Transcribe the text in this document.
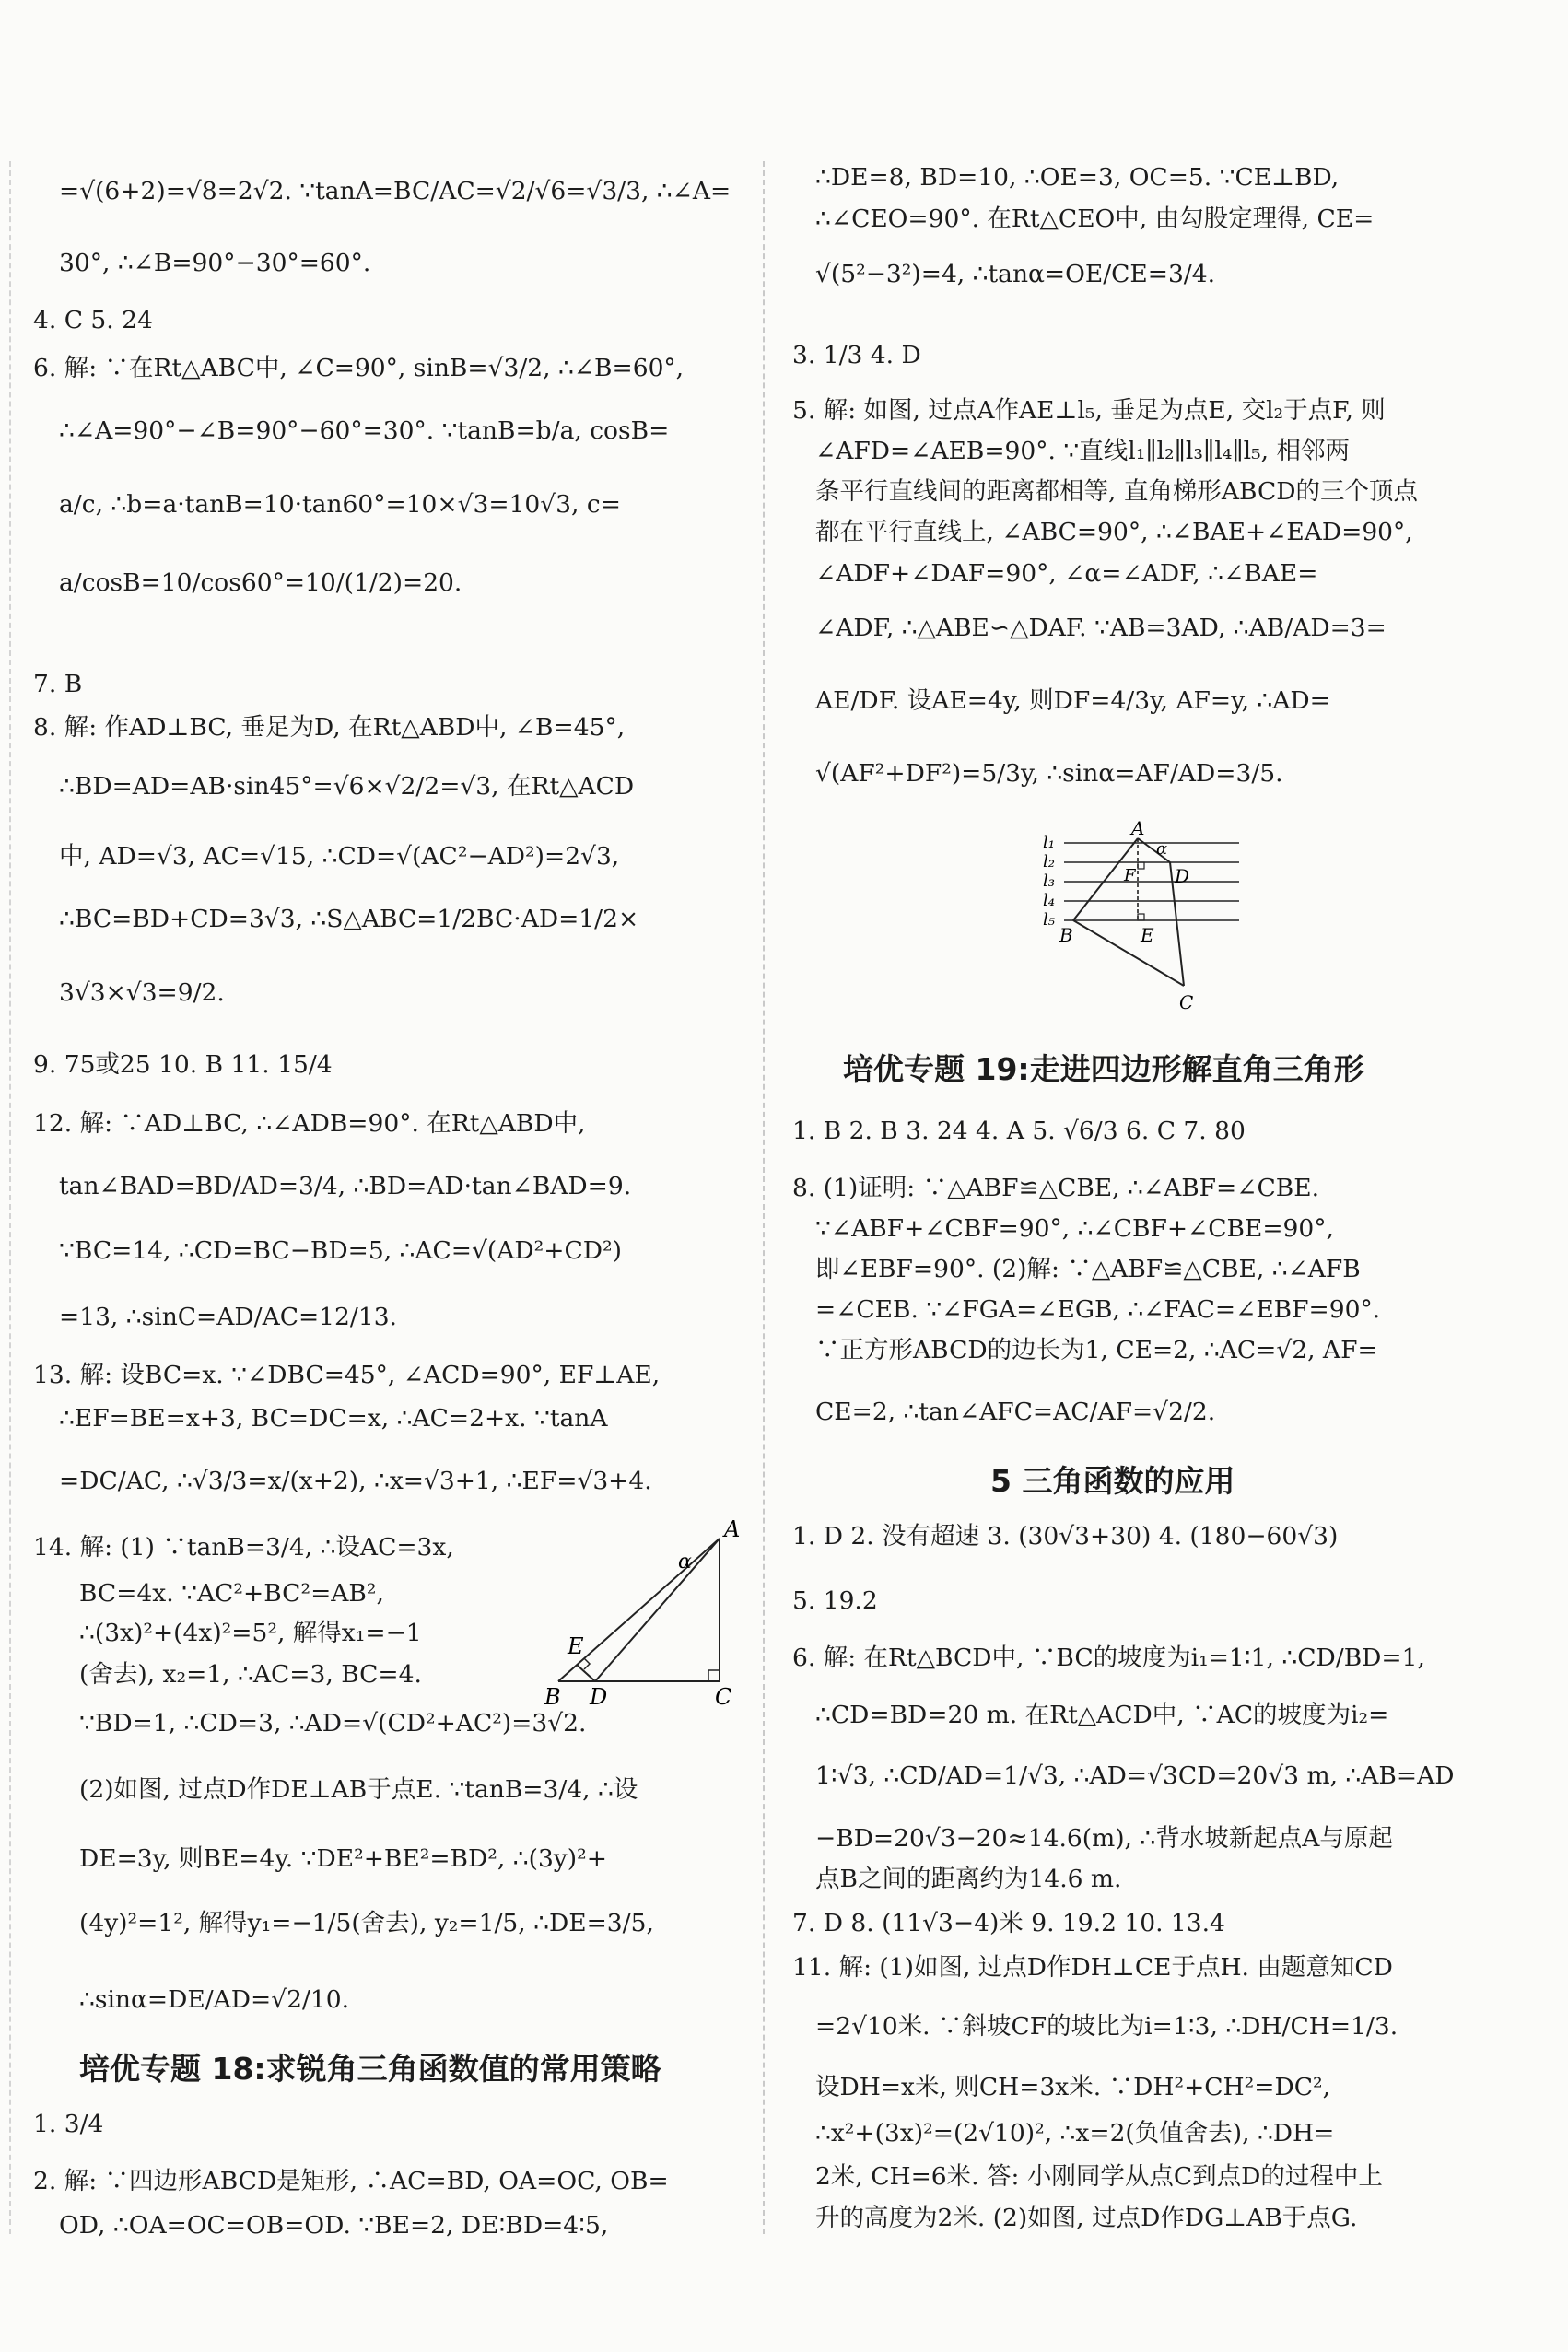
=√(6+2)=√8=2√2. ∵tanA=BC/AC=√2/√6=√3/3, ∴∠A=
30°, ∴∠B=90°−30°=60°.
4. C 5. 24
6. 解: ∵在Rt△ABC中, ∠C=90°, sinB=√3/2, ∴∠B=60°,
∴∠A=90°−∠B=90°−60°=30°. ∵tanB=b/a, cosB=
a/c, ∴b=a·tanB=10·tan60°=10×√3=10√3, c=
a/cosB=10/cos60°=10/(1/2)=20.
7. B
8. 解: 作AD⊥BC, 垂足为D, 在Rt△ABD中, ∠B=45°,
∴BD=AD=AB·sin45°=√6×√2/2=√3, 在Rt△ACD
中, AD=√3, AC=√15, ∴CD=√(AC²−AD²)=2√3,
∴BC=BD+CD=3√3, ∴S△ABC=1/2BC·AD=1/2×
3√3×√3=9/2.
9. 75或25 10. B 11. 15/4
12. 解: ∵AD⊥BC, ∴∠ADB=90°. 在Rt△ABD中,
tan∠BAD=BD/AD=3/4, ∴BD=AD·tan∠BAD=9.
∵BC=14, ∴CD=BC−BD=5, ∴AC=√(AD²+CD²)
=13, ∴sinC=AD/AC=12/13.
13. 解: 设BC=x. ∵∠DBC=45°, ∠ACD=90°, EF⊥AE,
∴EF=BE=x+3, BC=DC=x, ∴AC=2+x. ∵tanA
=DC/AC, ∴√3/3=x/(x+2), ∴x=√3+1, ∴EF=√3+4.
14. 解: (1) ∵tanB=3/4, ∴设AC=3x,
BC=4x. ∵AC²+BC²=AB²,
∴(3x)²+(4x)²=5², 解得x₁=−1
(舍去), x₂=1, ∴AC=3, BC=4.
∵BD=1, ∴CD=3, ∴AD=√(CD²+AC²)=3√2.
(2)如图, 过点D作DE⊥AB于点E. ∵tanB=3/4, ∴设
DE=3y, 则BE=4y. ∵DE²+BE²=BD², ∴(3y)²+
(4y)²=1², 解得y₁=−1/5(舍去), y₂=1/5, ∴DE=3/5,
∴sinα=DE/AD=√2/10.
培优专题 18:求锐角三角函数值的常用策略
1. 3/4
2. 解: ∵四边形ABCD是矩形, ∴AC=BD, OA=OC, OB=
OD, ∴OA=OC=OB=OD. ∵BE=2, DE∶BD=4∶5,
A
α
E
B D	C
∴DE=8, BD=10, ∴OE=3, OC=5. ∵CE⊥BD,
∴∠CEO=90°. 在Rt△CEO中, 由勾股定理得, CE=
√(5²−3²)=4, ∴tanα=OE/CE=3/4.
3. 1/3 4. D
5. 解: 如图, 过点A作AE⊥l₅, 垂足为点E, 交l₂于点F, 则
∠AFD=∠AEB=90°. ∵直线l₁∥l₂∥l₃∥l₄∥l₅, 相邻两
条平行直线间的距离都相等, 直角梯形ABCD的三个顶点
都在平行直线上, ∠ABC=90°, ∴∠BAE+∠EAD=90°,
∠ADF+∠DAF=90°, ∠α=∠ADF, ∴∠BAE=
∠ADF, ∴△ABE∽△DAF. ∵AB=3AD, ∴AB/AD=3=
AE/DF. 设AE=4y, 则DF=4/3y, AF=y, ∴AD=
√(AF²+DF²)=5/3y, ∴sinα=AF/AD=3/5.
l₁
l₂
l₃
l₄
l₅
A
α
F D
E
B
C
培优专题 19:走进四边形解直角三角形
1. B 2. B 3. 24 4. A 5. √6/3 6. C 7. 80
8. (1)证明: ∵△ABF≌△CBE, ∴∠ABF=∠CBE.
∵∠ABF+∠CBF=90°, ∴∠CBF+∠CBE=90°,
即∠EBF=90°. (2)解: ∵△ABF≌△CBE, ∴∠AFB
=∠CEB. ∵∠FGA=∠EGB, ∴∠FAC=∠EBF=90°.
∵正方形ABCD的边长为1, CE=2, ∴AC=√2, AF=
CE=2, ∴tan∠AFC=AC/AF=√2/2.
5 三角函数的应用
1. D 2. 没有超速 3. (30√3+30) 4. (180−60√3)
5. 19.2
6. 解: 在Rt△BCD中, ∵BC的坡度为i₁=1∶1, ∴CD/BD=1,
∴CD=BD=20 m. 在Rt△ACD中, ∵AC的坡度为i₂=
1∶√3, ∴CD/AD=1/√3, ∴AD=√3CD=20√3 m, ∴AB=AD
−BD=20√3−20≈14.6(m), ∴背水坡新起点A与原起
点B之间的距离约为14.6 m.
7. D 8. (11√3−4)米 9. 19.2 10. 13.4
11. 解: (1)如图, 过点D作DH⊥CE于点H. 由题意知CD
=2√10米. ∵斜坡CF的坡比为i=1∶3, ∴DH/CH=1/3.
设DH=x米, 则CH=3x米. ∵DH²+CH²=DC²,
∴x²+(3x)²=(2√10)², ∴x=2(负值舍去), ∴DH=
2米, CH=6米. 答: 小刚同学从点C到点D的过程中上
升的高度为2米. (2)如图, 过点D作DG⊥AB于点G.
